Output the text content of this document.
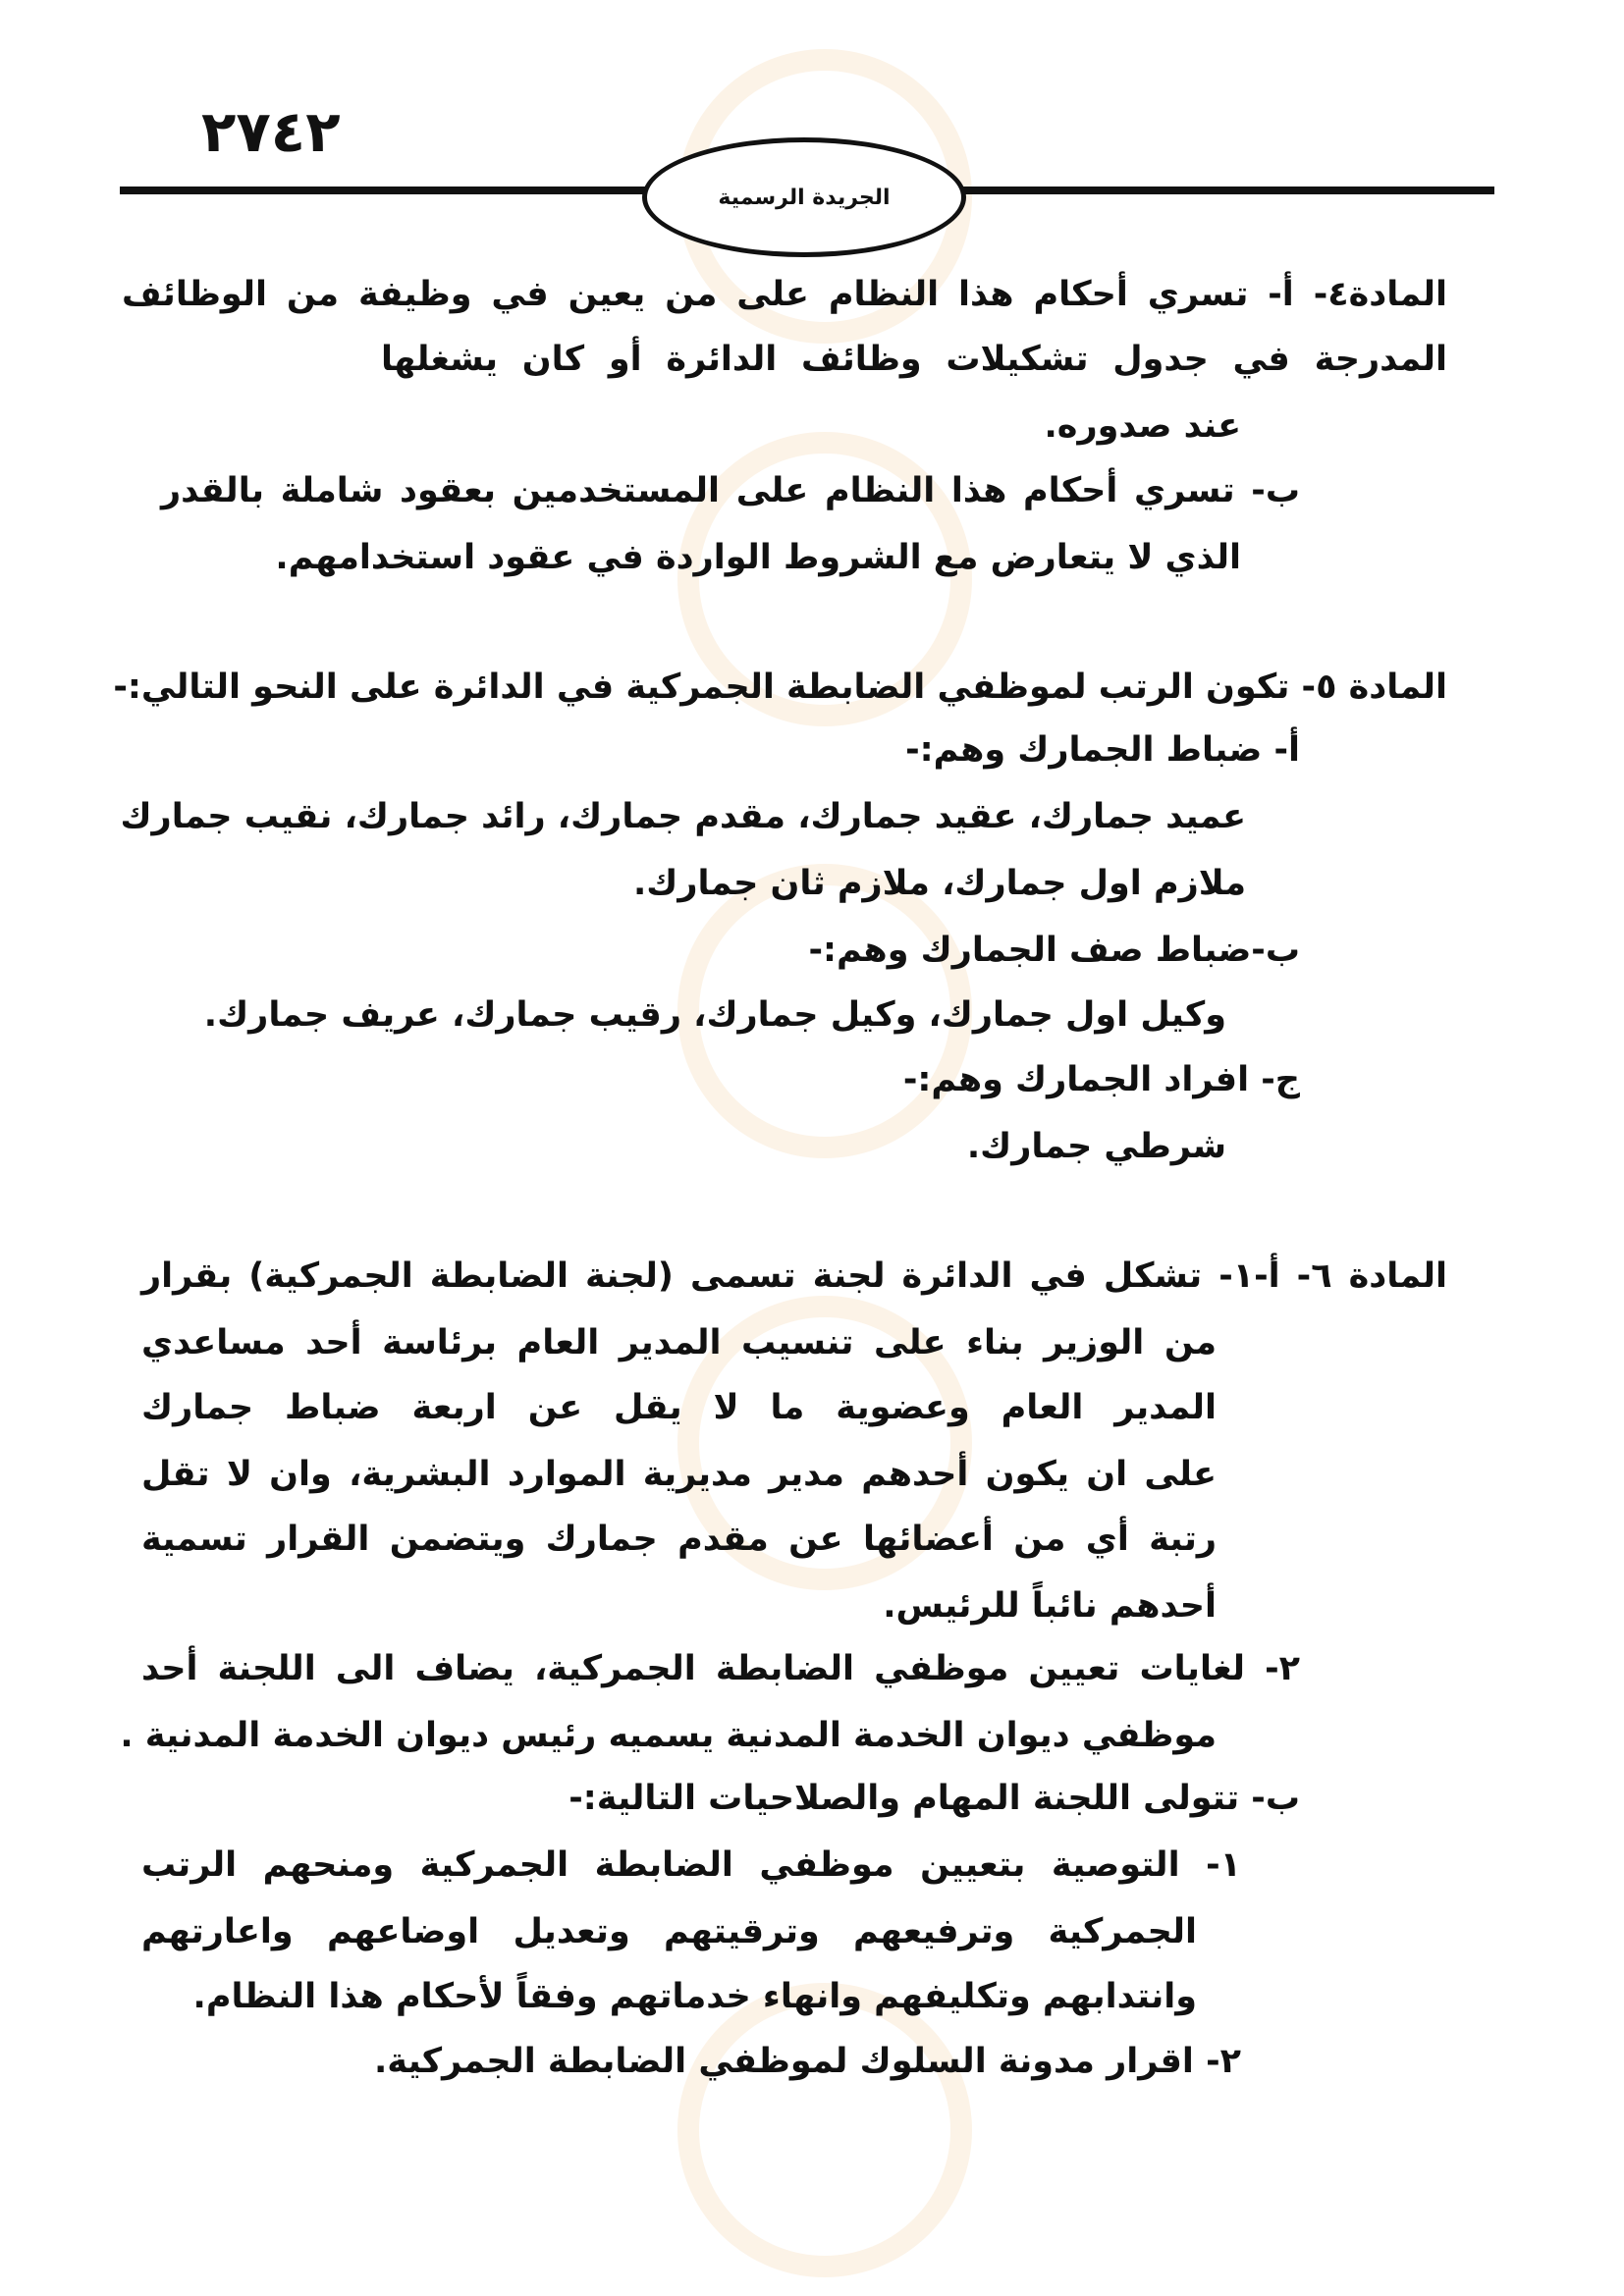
٢٧٤٢
الجريدة الرسمية
المادة٤- أ- تسري أحكام هذا النظام على من يعين في وظيفة من الوظائف
المدرجة في جدول تشكيلات وظائف الدائرة أو كان يشغلها
عند صدوره.
ب- تسري أحكام هذا النظام على المستخدمين بعقود شاملة بالقدر
الذي لا يتعارض مع الشروط الواردة في عقود استخدامهم.
المادة ٥- تكون الرتب لموظفي الضابطة الجمركية في الدائرة على النحو التالي:-
أ- ضباط الجمارك وهم:-
عميد جمارك، عقيد جمارك، مقدم جمارك، رائد جمارك، نقيب جمارك
ملازم اول جمارك، ملازم ثان جمارك.
ب-ضباط صف الجمارك وهم:-
وكيل اول جمارك، وكيل جمارك، رقيب جمارك، عريف جمارك.
ج- افراد الجمارك وهم:-
شرطي جمارك.
المادة ٦- أ-١- تشكل في الدائرة لجنة تسمى (لجنة الضابطة الجمركية) بقرار
من الوزير بناء على تنسيب المدير العام برئاسة أحد مساعدي
المدير العام وعضوية ما لا يقل عن اربعة ضباط جمارك
على ان يكون أحدهم مدير مديرية الموارد البشرية، وان لا تقل
رتبة أي من أعضائها عن مقدم جمارك ويتضمن القرار تسمية
أحدهم نائباً للرئيس.
٢- لغايات تعيين موظفي الضابطة الجمركية، يضاف الى اللجنة أحد
موظفي ديوان الخدمة المدنية يسميه رئيس ديوان الخدمة المدنية .
ب- تتولى اللجنة المهام والصلاحيات التالية:-
١- التوصية بتعيين موظفي الضابطة الجمركية ومنحهم الرتب
الجمركية وترفيعهم وترقيتهم وتعديل اوضاعهم واعارتهم
وانتدابهم وتكليفهم وانهاء خدماتهم وفقاً لأحكام هذا النظام.
٢- اقرار مدونة السلوك لموظفي الضابطة الجمركية.
